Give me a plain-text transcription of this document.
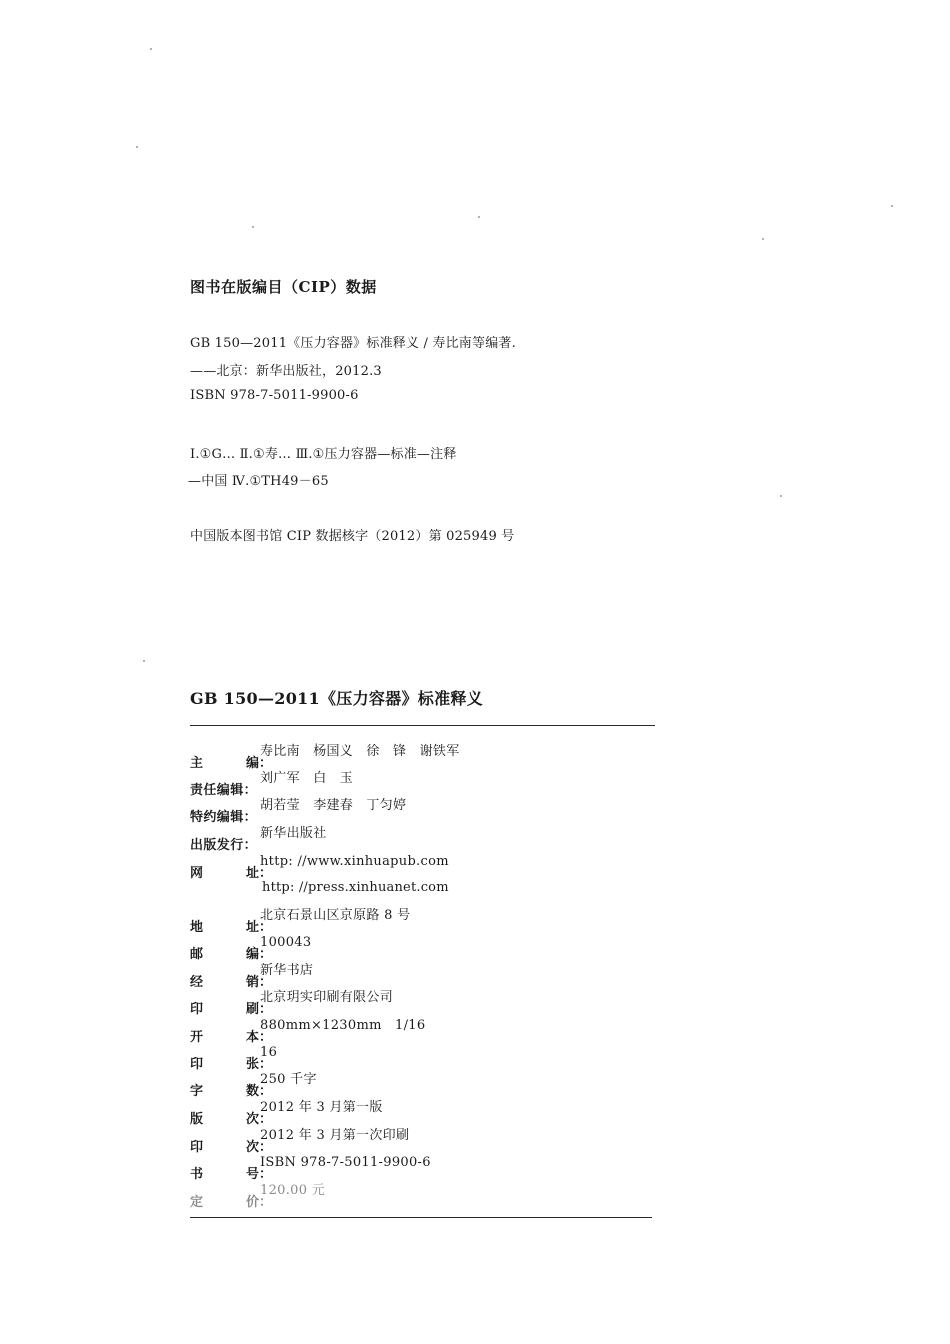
图书在版编目（CIP）数据
GB 150—2011《压力容器》标准释义 / 寿比南等编著.
——北京：新华出版社，2012.3
ISBN 978-7-5011-9900-6
Ⅰ.①G… Ⅱ.①寿… Ⅲ.①压力容器—标准—注释
—中国 Ⅳ.①TH49－65
中国版本图书馆 CIP 数据核字（2012）第 025949 号
GB 150—2011《压力容器》标准释义
主	编：
寿比南　杨国义　徐　锋　谢铁军
责任编辑：
刘广军　白　玉
特约编辑：
胡若莹　李建春　丁匀婷
出版发行：
新华出版社
网	址：
http: //www.xinhuapub.com
http: //press.xinhuanet.com
地	址：
北京石景山区京原路 8 号
邮	编：
100043
经	销：
新华书店
印	刷：
北京玥实印刷有限公司
开	本：
880mm×1230mm　1/16
印	张：
16
字	数：
250 千字
版	次：
2012 年 3 月第一版
印	次：
2012 年 3 月第一次印刷
书	号：
ISBN 978-7-5011-9900-6
定	价：
120.00 元
